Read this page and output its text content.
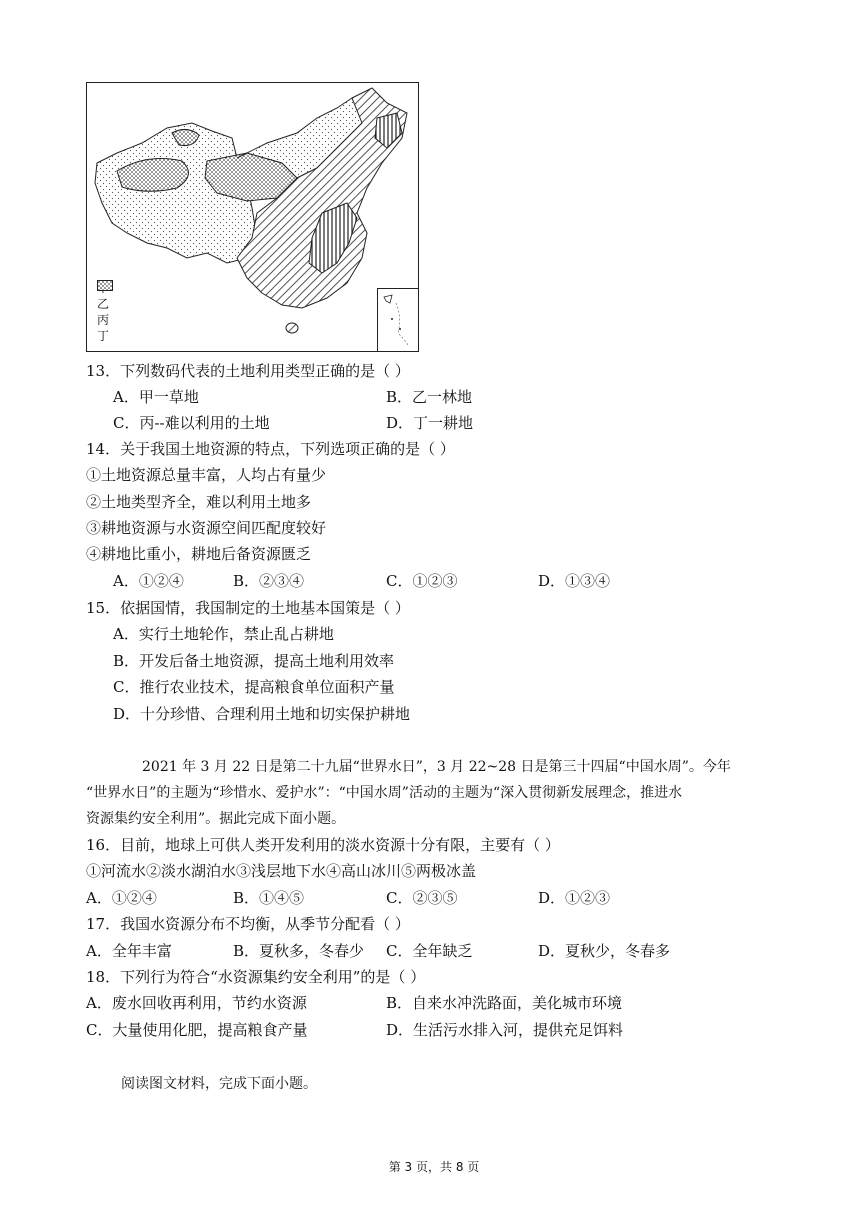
乙
丙
丁
13．下列数码代表的土地利用类型正确的是（ ）
A．甲一草地	B．乙一林地
C．丙--难以利用的土地	D．丁一耕地
14．关于我国土地资源的特点，下列选项正确的是（ ）
①土地资源总量丰富，人均占有量少
②土地类型齐全，难以利用土地多
③耕地资源与水资源空间匹配度较好
④耕地比重小，耕地后备资源匮乏
A．①②④	B．②③④	C．①②③	D．①③④
15．依据国情，我国制定的土地基本国策是（ ）
A．实行土地轮作，禁止乱占耕地
B．开发后备土地资源，提高土地利用效率
C．推行农业技术，提高粮食单位面积产量
D．十分珍惜、合理利用土地和切实保护耕地
2021 年 3 月 22 日是第二十九届“世界水日”，3 月 22~28 日是第三十四届“中国水周”。今年
“世界水日”的主题为“珍惜水、爱护水”：“中国水周”活动的主题为“深入贯彻新发展理念，推进水
资源集约安全利用”。据此完成下面小题。
16．目前，地球上可供人类开发利用的淡水资源十分有限，主要有（ ）
①河流水②淡水湖泊水③浅层地下水④高山冰川⑤两极冰盖
A．①②④	B．①④⑤	C．②③⑤	D．①②③
17．我国水资源分布不均衡，从季节分配看（ ）
A．全年丰富	B．夏秋多，冬春少 C．全年缺乏	D．夏秋少，冬春多
18．下列行为符合“水资源集约安全利用”的是（ ）
A．废水回收再利用，节约水资源	B．自来水冲洗路面，美化城市环境
C．大量使用化肥，提高粮食产量	D．生活污水排入河，提供充足饵料
阅读图文材料，完成下面小题。
第 3 页，共 8 页
